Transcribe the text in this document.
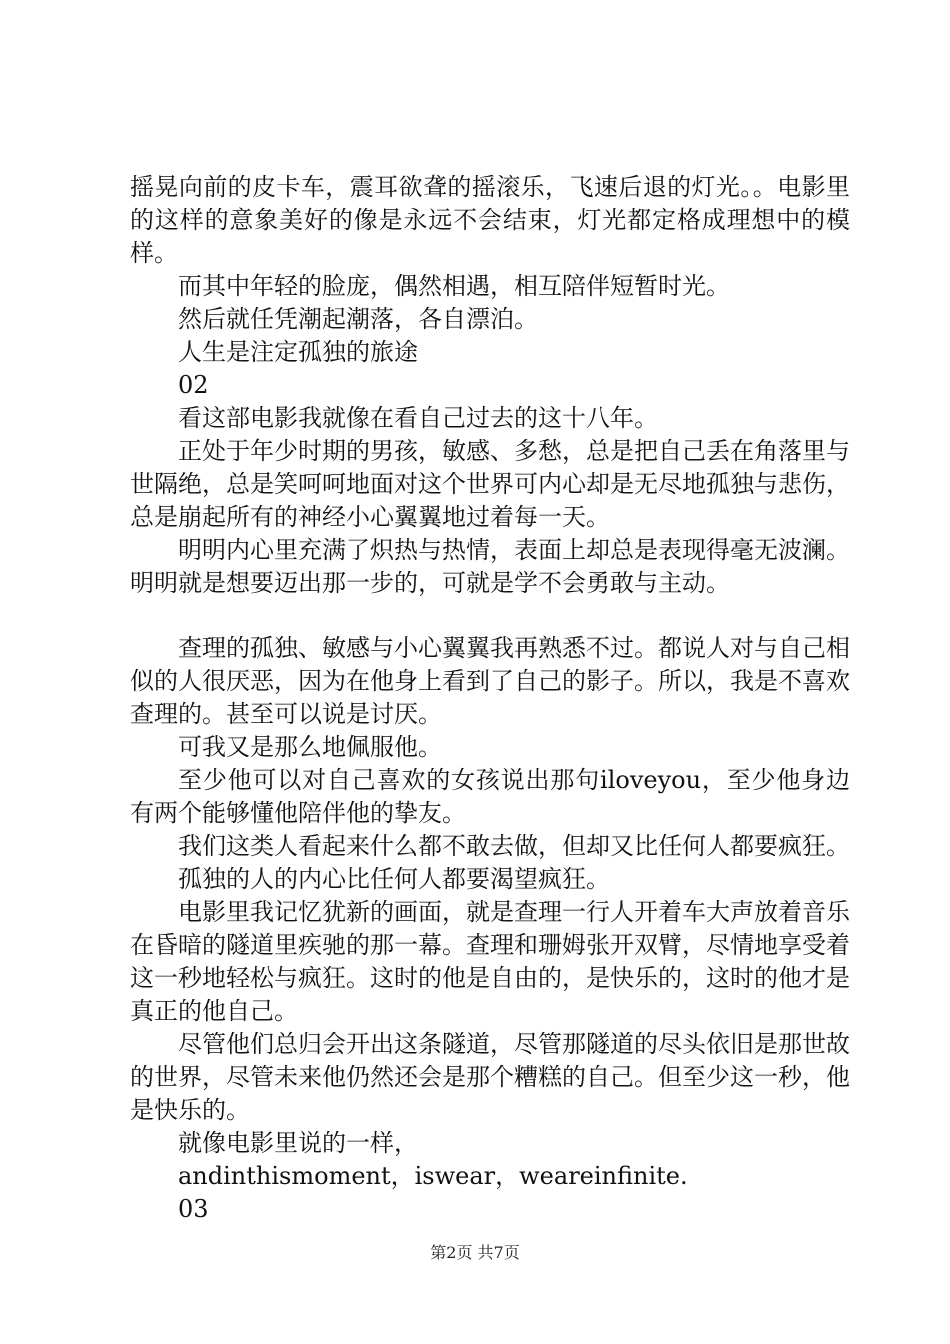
摇晃向前的皮卡车，震耳欲聋的摇滚乐，飞速后退的灯光。。电影里的这样的意象美好的像是永远不会结束，灯光都定格成理想中的模样。

而其中年轻的脸庞，偶然相遇，相互陪伴短暂时光。

然后就任凭潮起潮落，各自漂泊。

人生是注定孤独的旅途

02

看这部电影我就像在看自己过去的这十八年。

正处于年少时期的男孩，敏感、多愁，总是把自己丢在角落里与世隔绝，总是笑呵呵地面对这个世界可内心却是无尽地孤独与悲伤，总是崩起所有的神经小心翼翼地过着每一天。

明明内心里充满了炽热与热情，表面上却总是表现得毫无波澜。明明就是想要迈出那一步的，可就是学不会勇敢与主动。

查理的孤独、敏感与小心翼翼我再熟悉不过。都说人对与自己相似的人很厌恶，因为在他身上看到了自己的影子。所以，我是不喜欢查理的。甚至可以说是讨厌。

可我又是那么地佩服他。

至少他可以对自己喜欢的女孩说出那句iloveyou，至少他身边有两个能够懂他陪伴他的挚友。

我们这类人看起来什么都不敢去做，但却又比任何人都要疯狂。

孤独的人的内心比任何人都要渴望疯狂。

电影里我记忆犹新的画面，就是查理一行人开着车大声放着音乐在昏暗的隧道里疾驰的那一幕。查理和珊姆张开双臂，尽情地享受着这一秒地轻松与疯狂。这时的他是自由的，是快乐的，这时的他才是真正的他自己。

尽管他们总归会开出这条隧道，尽管那隧道的尽头依旧是那世故的世界，尽管未来他仍然还会是那个糟糕的自己。但至少这一秒，他是快乐的。

就像电影里说的一样，

andinthismoment，iswear，weareinfinite.

03

第2页 共7页
